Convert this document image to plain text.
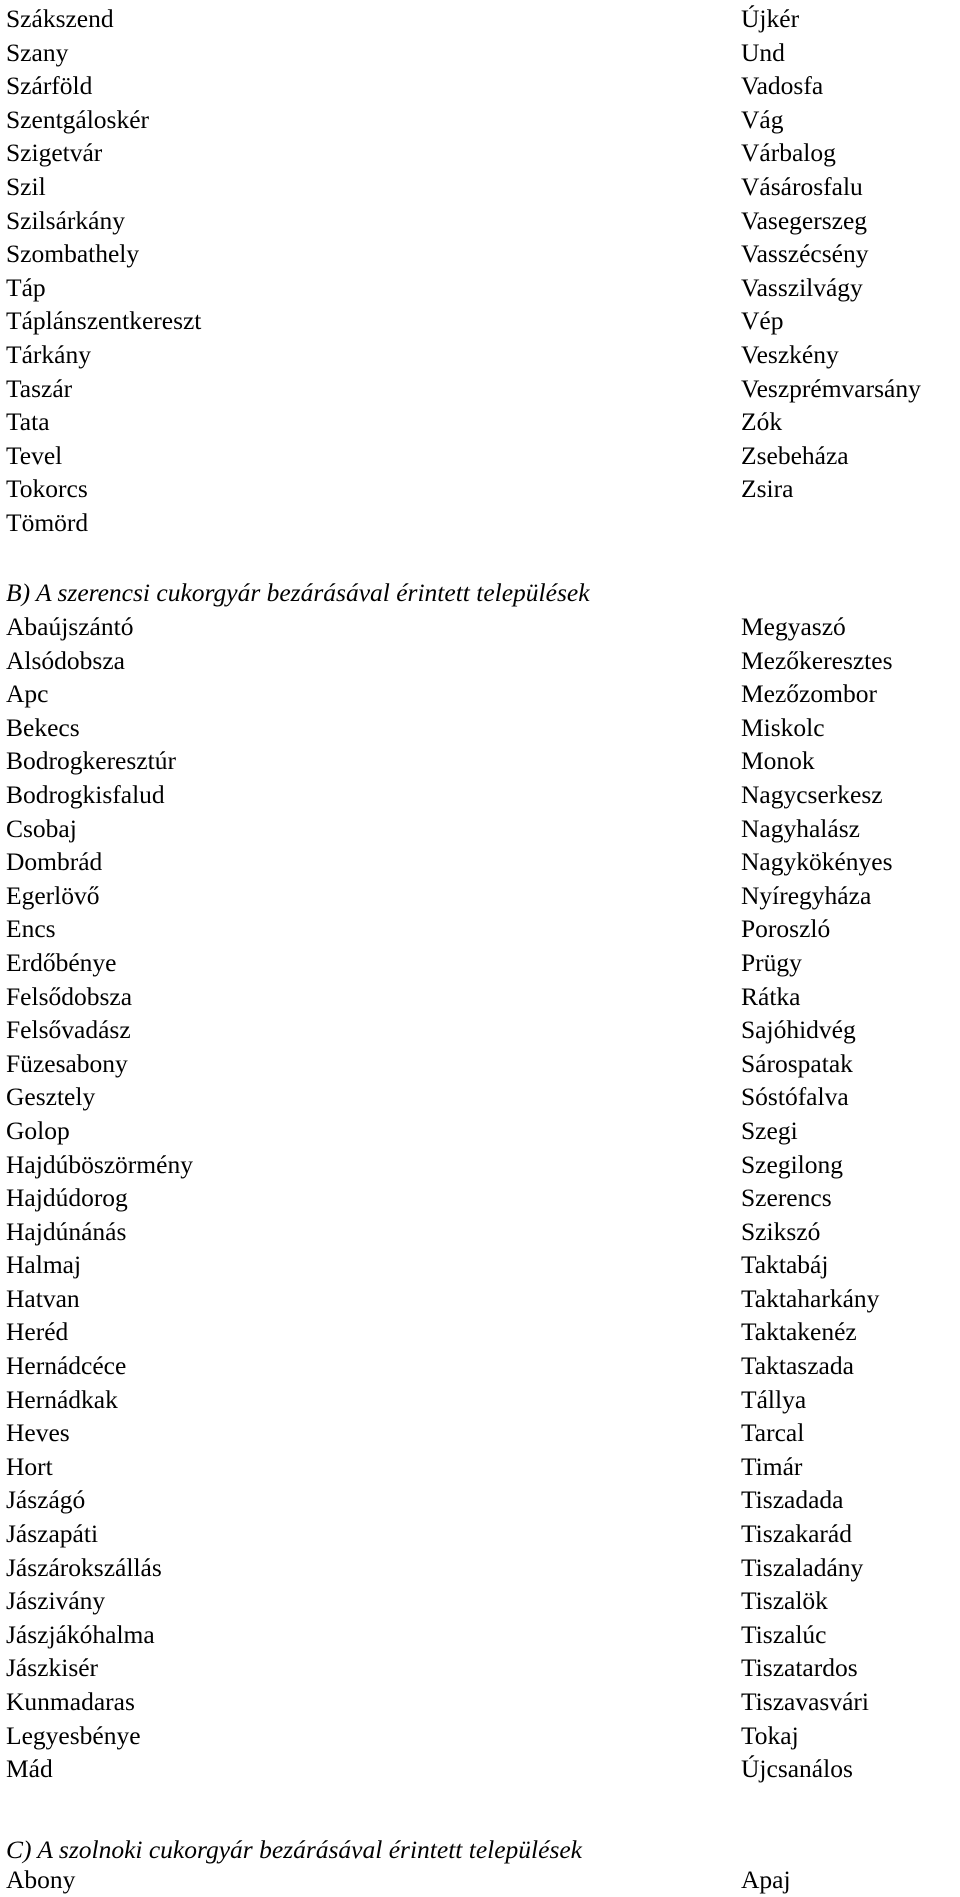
Szákszend
Szany
Szárföld
Szentgáloskér
Szigetvár
Szil
Szilsárkány
Szombathely
Táp
Táplánszentkereszt
Tárkány
Taszár
Tata
Tevel
Tokorcs
Tömörd
Újkér
Und
Vadosfa
Vág
Várbalog
Vásárosfalu
Vasegerszeg
Vasszécsény
Vasszilvágy
Vép
Veszkény
Veszprémvarsány
Zók
Zsebeháza
Zsira
B) A szerencsi cukorgyár bezárásával érintett települések
Abaújszántó
Alsódobsza
Apc
Bekecs
Bodrogkeresztúr
Bodrogkisfalud
Csobaj
Dombrád
Egerlövő
Encs
Erdőbénye
Felsődobsza
Felsővadász
Füzesabony
Gesztely
Golop
Hajdúböszörmény
Hajdúdorog
Hajdúnánás
Halmaj
Hatvan
Heréd
Hernádcéce
Hernádkak
Heves
Hort
Jászágó
Jászapáti
Jászárokszállás
Jászivány
Jászjákóhalma
Jászkisér
Kunmadaras
Legyesbénye
Mád
Megyaszó
Mezőkeresztes
Mezőzombor
Miskolc
Monok
Nagycserkesz
Nagyhalász
Nagykökényes
Nyíregyháza
Poroszló
Prügy
Rátka
Sajóhidvég
Sárospatak
Sóstófalva
Szegi
Szegilong
Szerencs
Szikszó
Taktabáj
Taktaharkány
Taktakenéz
Taktaszada
Tállya
Tarcal
Timár
Tiszadada
Tiszakarád
Tiszaladány
Tiszalök
Tiszalúc
Tiszatardos
Tiszavasvári
Tokaj
Újcsanálos
C) A szolnoki cukorgyár bezárásával érintett települések
Abony	Apaj
